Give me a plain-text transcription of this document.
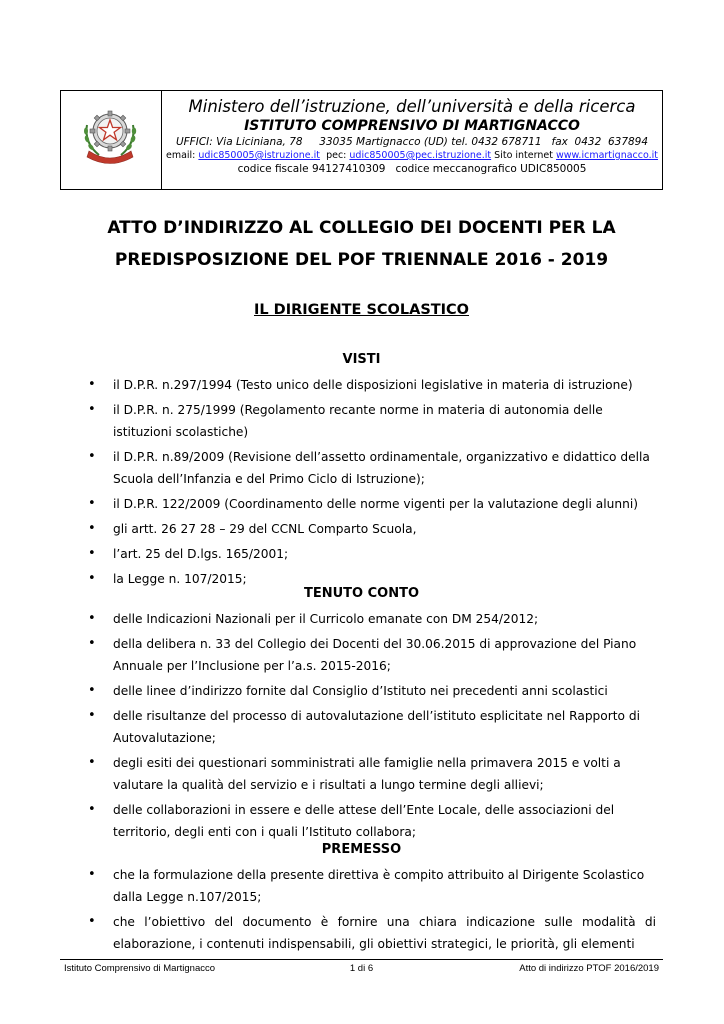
Ministero dell’istruzione, dell’università e della ricerca
ISTITUTO COMPRENSIVO DI MARTIGNACCO
UFFICI: Via Liciniana, 78     33035 Martignacco (UD) tel. 0432 678711   fax  0432  637894
email: udic850005@istruzione.it pec: udic850005@pec.istruzione.it Sito internet www.icmartignacco.it
codice fiscale 94127410309 codice meccanografico UDIC850005
ATTO D’INDIRIZZO AL COLLEGIO DEI DOCENTI PER LA
PREDISPOSIZIONE DEL POF TRIENNALE 2016 - 2019
IL DIRIGENTE SCOLASTICO
VISTI
• il D.P.R. n.297/1994 (Testo unico delle disposizioni legislative in materia di istruzione)
• il D.P.R. n. 275/1999 (Regolamento recante norme in materia di autonomia delle istituzioni scolastiche)
• il D.P.R. n.89/2009 (Revisione dell’assetto ordinamentale, organizzativo e didattico della Scuola dell’Infanzia e del Primo Ciclo di Istruzione);
• il D.P.R. 122/2009 (Coordinamento delle norme vigenti per la valutazione degli alunni)
• gli artt. 26 27 28 – 29 del CCNL Comparto Scuola,
• l’art. 25 del D.lgs. 165/2001;
• la Legge n. 107/2015;
TENUTO CONTO
• delle Indicazioni Nazionali per il Curricolo emanate con DM 254/2012;
• della delibera n. 33 del Collegio dei Docenti del 30.06.2015 di approvazione del Piano Annuale per l’Inclusione per l’a.s. 2015-2016;
• delle linee d’indirizzo fornite dal Consiglio d’Istituto nei precedenti anni scolastici
• delle risultanze del processo di autovalutazione dell’istituto esplicitate nel Rapporto di Autovalutazione;
• degli esiti dei questionari somministrati alle famiglie nella primavera 2015 e volti a valutare la qualità del servizio e i risultati a lungo termine degli allievi;
• delle collaborazioni in essere e delle attese dell’Ente Locale, delle associazioni del territorio, degli enti con i quali l’Istituto collabora;
PREMESSO
• che la formulazione della presente direttiva è compito attribuito al Dirigente Scolastico dalla Legge n.107/2015;
• che l’obiettivo del documento è fornire una chiara indicazione sulle modalità di elaborazione, i contenuti indispensabili, gli obiettivi strategici, le priorità, gli elementi
Istituto Comprensivo di Martignacco	1 di 6	Atto di indirizzo PTOF 2016/2019
